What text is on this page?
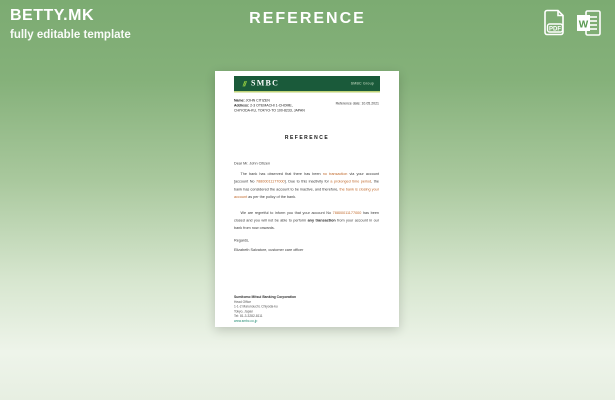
BETTY.MK
fully editable template
REFERENCE
PDF W
SMBC	SMBC Group
Name: JOHN CITIZEN
Address: 2-3 OTEMACHI 1-CHOME,
CHIYODA-KU, TOKYO-TO 100-8233, JAPAN
Reference date: 10.05.2021
REFERENCE
Dear Mr. John Citizen

The bank has observed that there has been no transaction via your account [account No 78800011177000]. Due to this inactivity for a prolonged time period, the bank has considered the account to be inactive, and therefore, the bank is closing your account as per the policy of the bank.

We are regretful to inform you that your account No 78800011177000 has been closed and you will not be able to perform any transaction from your account in our bank from now onwards.

Regards,
Elizabeth Salvatore, customer care officer
Sumitomo Mitsui Banking Corporation
Head Office
1-1-2 Marunouchi, Chiyoda-ku
Tokyo, Japan
Tel: 81-3-3282-8111
www.smbc.co.jp
